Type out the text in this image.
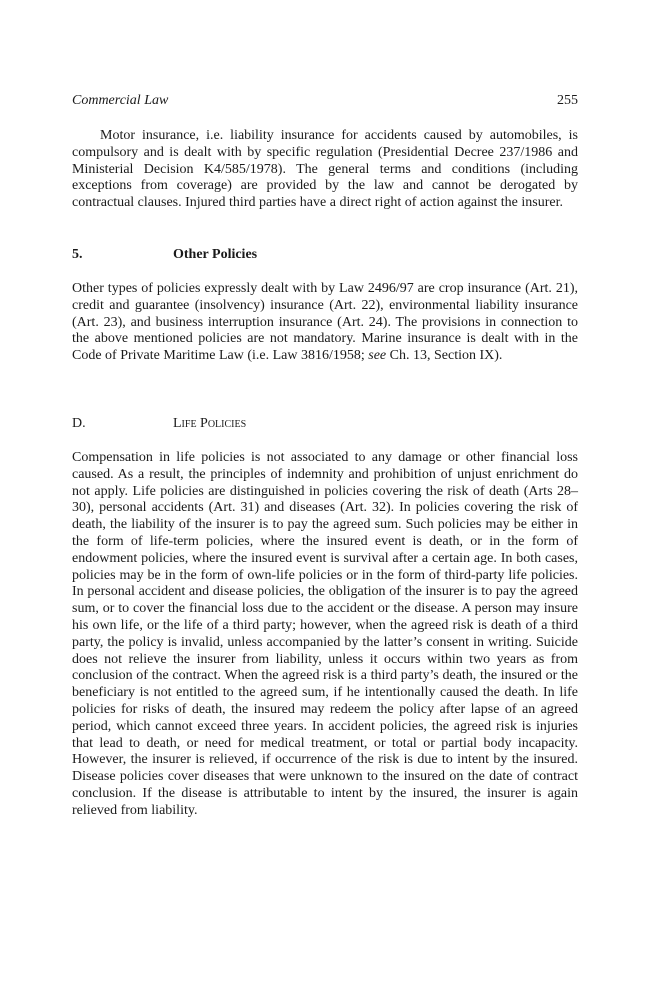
Commercial Law	255

Motor insurance, i.e. liability insurance for accidents caused by automobiles, is compulsory and is dealt with by specific regulation (Presidential Decree 237/1986 and Ministerial Decision K4/585/1978). The general terms and conditions (including exceptions from coverage) are provided by the law and cannot be derogated by contractual clauses. Injured third parties have a direct right of action against the insurer.

5.	Other Policies

Other types of policies expressly dealt with by Law 2496/97 are crop insurance (Art. 21), credit and guarantee (insolvency) insurance (Art. 22), environmental liability insurance (Art. 23), and business interruption insurance (Art. 24). The provisions in connection to the above mentioned policies are not mandatory. Marine insurance is dealt with in the Code of Private Maritime Law (i.e. Law 3816/1958; see Ch. 13, Section IX).

D.	Life Policies

Compensation in life policies is not associated to any damage or other financial loss caused. As a result, the principles of indemnity and prohibition of unjust enrichment do not apply. Life policies are distinguished in policies covering the risk of death (Arts 28–30), personal accidents (Art. 31) and diseases (Art. 32). In policies covering the risk of death, the liability of the insurer is to pay the agreed sum. Such policies may be either in the form of life-term policies, where the insured event is death, or in the form of endowment policies, where the insured event is survival after a certain age. In both cases, policies may be in the form of own-life policies or in the form of third-party life policies. In personal accident and disease policies, the obligation of the insurer is to pay the agreed sum, or to cover the financial loss due to the accident or the disease. A person may insure his own life, or the life of a third party; however, when the agreed risk is death of a third party, the policy is invalid, unless accompanied by the latter’s consent in writing. Suicide does not relieve the insurer from liability, unless it occurs within two years as from conclusion of the contract. When the agreed risk is a third party’s death, the insured or the beneficiary is not entitled to the agreed sum, if he intentionally caused the death. In life policies for risks of death, the insured may redeem the policy after lapse of an agreed period, which cannot exceed three years. In accident policies, the agreed risk is injuries that lead to death, or need for medical treatment, or total or partial body incapacity. However, the insurer is relieved, if occurrence of the risk is due to intent by the insured. Disease policies cover diseases that were unknown to the insured on the date of contract conclusion. If the disease is attributable to intent by the insured, the insurer is again relieved from liability.
